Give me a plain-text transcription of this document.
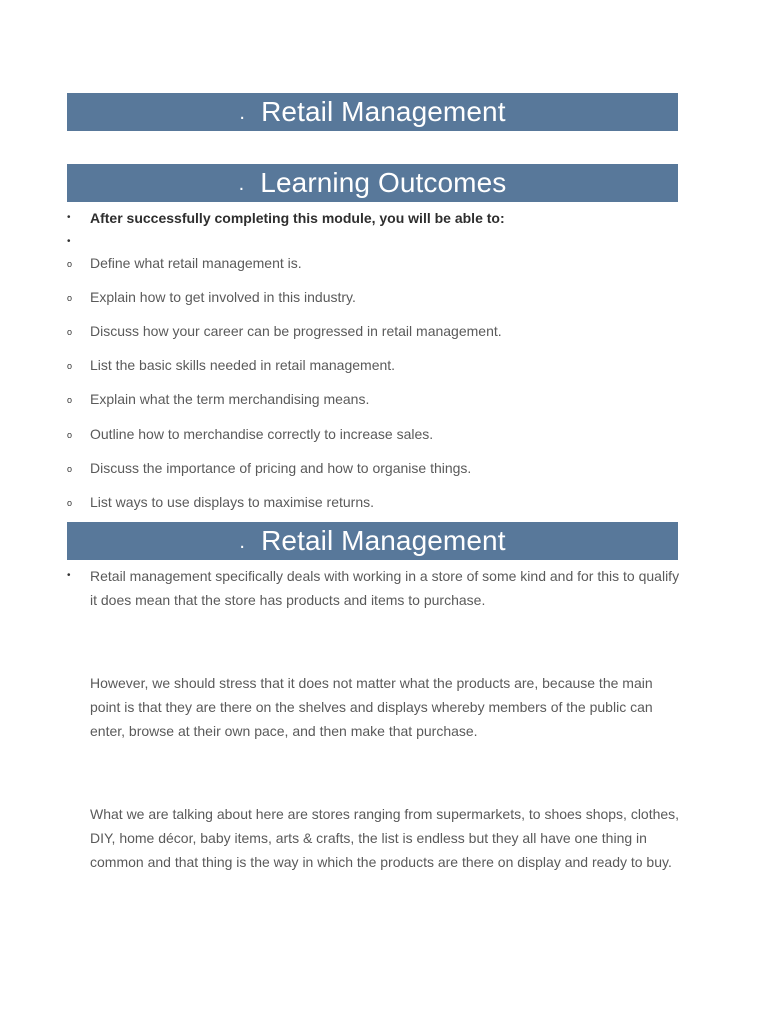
. Retail Management
. Learning Outcomes
• After successfully completing this module, you will be able to:
•
o Define what retail management is.
o Explain how to get involved in this industry.
o Discuss how your career can be progressed in retail management.
o List the basic skills needed in retail management.
o Explain what the term merchandising means.
o Outline how to merchandise correctly to increase sales.
o Discuss the importance of pricing and how to organise things.
o List ways to use displays to maximise returns.
. Retail Management
• Retail management specifically deals with working in a store of some kind and for this to qualify it does mean that the store has products and items to purchase.
However, we should stress that it does not matter what the products are, because the main point is that they are there on the shelves and displays whereby members of the public can enter, browse at their own pace, and then make that purchase.
What we are talking about here are stores ranging from supermarkets, to shoes shops, clothes, DIY, home décor, baby items, arts & crafts, the list is endless but they all have one thing in common and that thing is the way in which the products are there on display and ready to buy.
